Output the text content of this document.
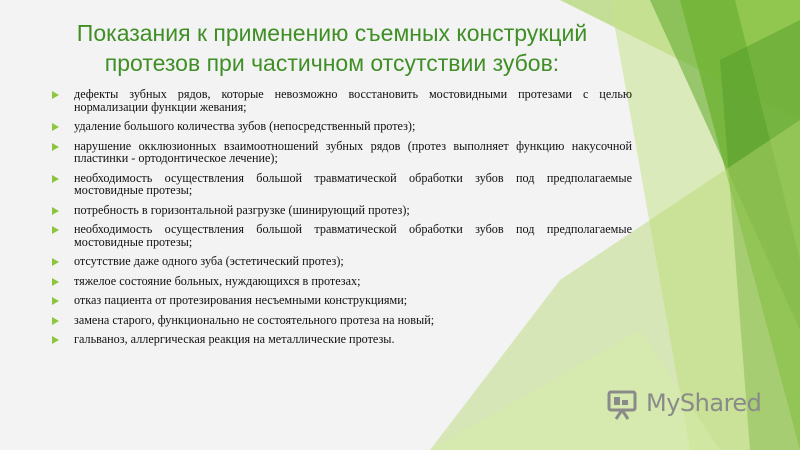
Показания к применению съемных конструкций протезов при частичном отсутствии зубов:
дефекты зубных рядов, которые невозможно восстановить мостовидными протезами с целью нормализации функции жевания;
удаление большого количества зубов (непосредственный протез);
нарушение окклюзионных взаимоотношений зубных рядов (протез выполняет функцию накусочной пластинки - ортодонтическое лечение);
необходимость осуществления большой травматической обработки зубов под предполагаемые мостовидные протезы;
потребность в горизонтальной разгрузке (шинирующий протез);
необходимость осуществления большой травматической обработки зубов под предполагаемые мостовидные протезы;
отсутствие даже одного зуба (эстетический протез);
тяжелое состояние больных, нуждающихся в протезах;
отказ пациента от протезирования несъемными конструкциями;
замена старого, функционально не состоятельного протеза на новый;
гальваноз, аллергическая реакция на металлические протезы.
MyShared
